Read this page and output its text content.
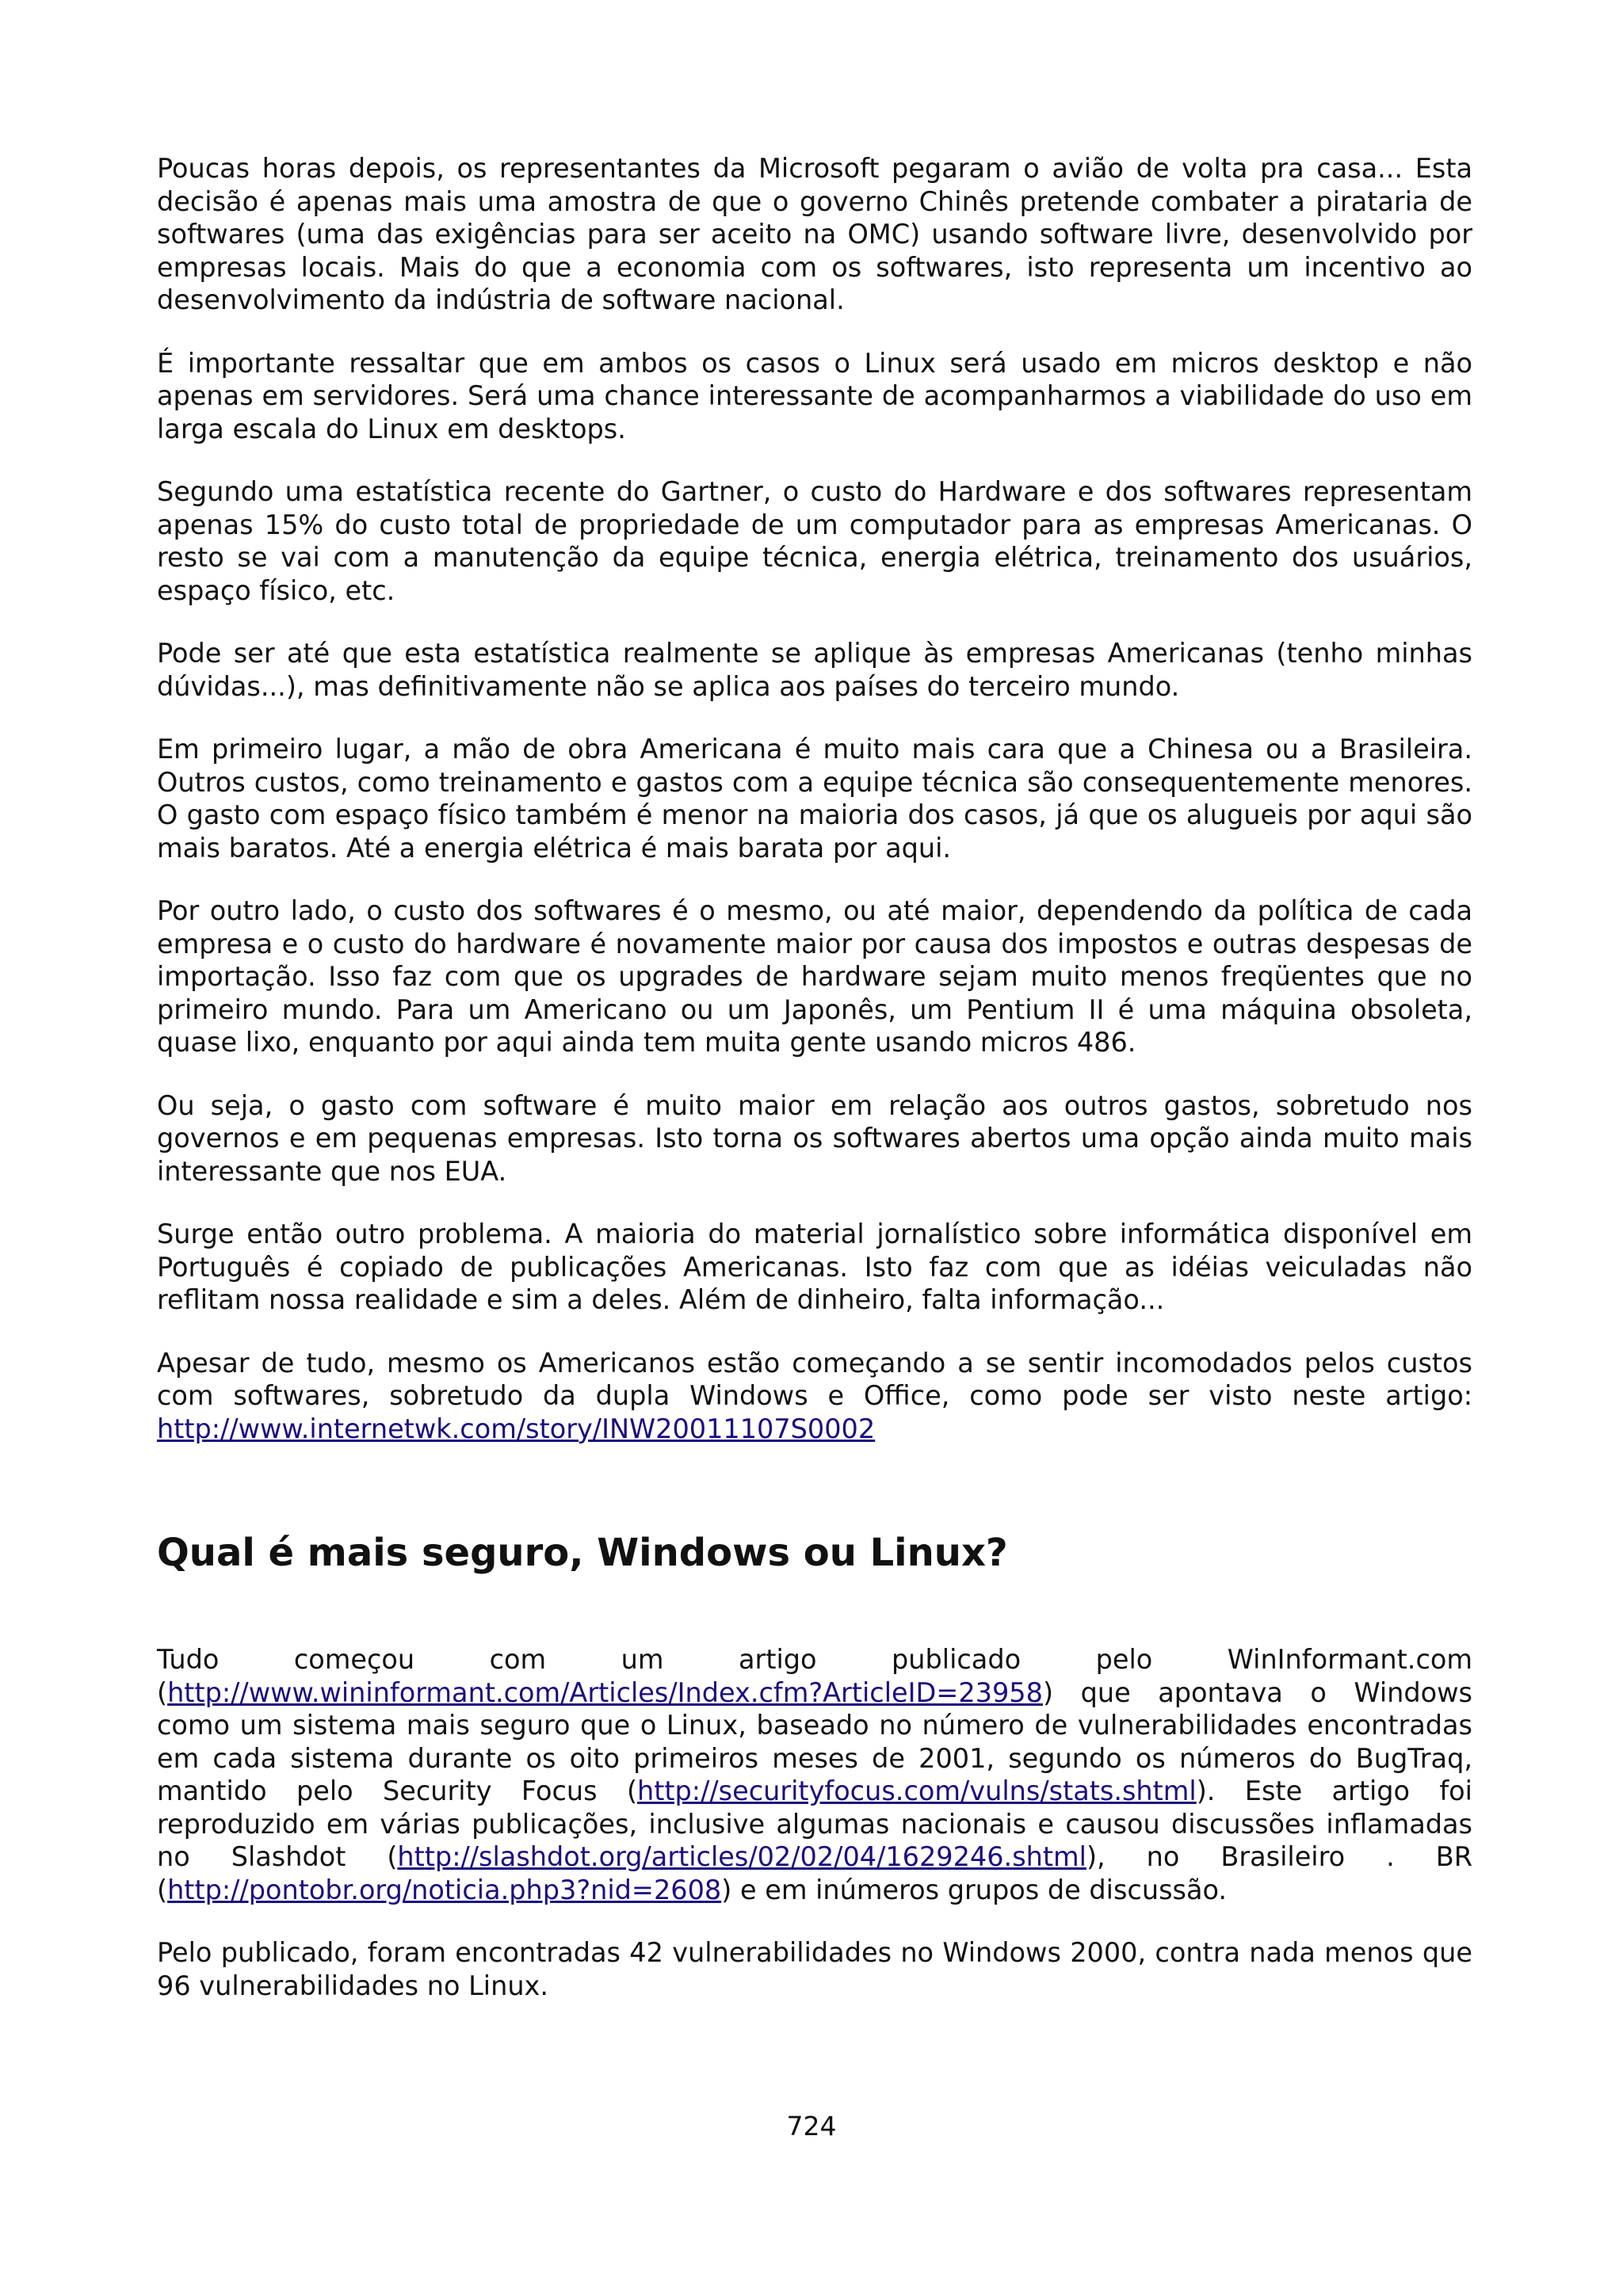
Poucas horas depois, os representantes da Microsoft pegaram o avião de volta pra casa... Esta decisão é apenas mais uma amostra de que o governo Chinês pretende combater a pirataria de softwares (uma das exigências para ser aceito na OMC) usando software livre, desenvolvido por empresas locais. Mais do que a economia com os softwares, isto representa um incentivo ao desenvolvimento da indústria de software nacional.

É importante ressaltar que em ambos os casos o Linux será usado em micros desktop e não apenas em servidores. Será uma chance interessante de acompanharmos a viabilidade do uso em larga escala do Linux em desktops.

Segundo uma estatística recente do Gartner, o custo do Hardware e dos softwares representam apenas 15% do custo total de propriedade de um computador para as empresas Americanas. O resto se vai com a manutenção da equipe técnica, energia elétrica, treinamento dos usuários, espaço físico, etc.

Pode ser até que esta estatística realmente se aplique às empresas Americanas (tenho minhas dúvidas...), mas definitivamente não se aplica aos países do terceiro mundo.

Em primeiro lugar, a mão de obra Americana é muito mais cara que a Chinesa ou a Brasileira. Outros custos, como treinamento e gastos com a equipe técnica são consequentemente menores. O gasto com espaço físico também é menor na maioria dos casos, já que os alugueis por aqui são mais baratos. Até a energia elétrica é mais barata por aqui.

Por outro lado, o custo dos softwares é o mesmo, ou até maior, dependendo da política de cada empresa e o custo do hardware é novamente maior por causa dos impostos e outras despesas de importação. Isso faz com que os upgrades de hardware sejam muito menos freqüentes que no primeiro mundo. Para um Americano ou um Japonês, um Pentium II é uma máquina obsoleta, quase lixo, enquanto por aqui ainda tem muita gente usando micros 486.

Ou seja, o gasto com software é muito maior em relação aos outros gastos, sobretudo nos governos e em pequenas empresas. Isto torna os softwares abertos uma opção ainda muito mais interessante que nos EUA.

Surge então outro problema. A maioria do material jornalístico sobre informática disponível em Português é copiado de publicações Americanas. Isto faz com que as idéias veiculadas não reflitam nossa realidade e sim a deles. Além de dinheiro, falta informação...

Apesar de tudo, mesmo os Americanos estão começando a se sentir incomodados pelos custos com softwares, sobretudo da dupla Windows e Office, como pode ser visto neste artigo: http://www.internetwk.com/story/INW20011107S0002

Qual é mais seguro, Windows ou Linux?

Tudo começou com um artigo publicado pelo WinInformant.com (http://www.wininformant.com/Articles/Index.cfm?ArticleID=23958) que apontava o Windows como um sistema mais seguro que o Linux, baseado no número de vulnerabilidades encontradas em cada sistema durante os oito primeiros meses de 2001, segundo os números do BugTraq, mantido pelo Security Focus (http://securityfocus.com/vulns/stats.shtml). Este artigo foi reproduzido em várias publicações, inclusive algumas nacionais e causou discussões inflamadas no Slashdot (http://slashdot.org/articles/02/02/04/1629246.shtml), no Brasileiro . BR (http://pontobr.org/noticia.php3?nid=2608) e em inúmeros grupos de discussão.

Pelo publicado, foram encontradas 42 vulnerabilidades no Windows 2000, contra nada menos que 96 vulnerabilidades no Linux.

724
